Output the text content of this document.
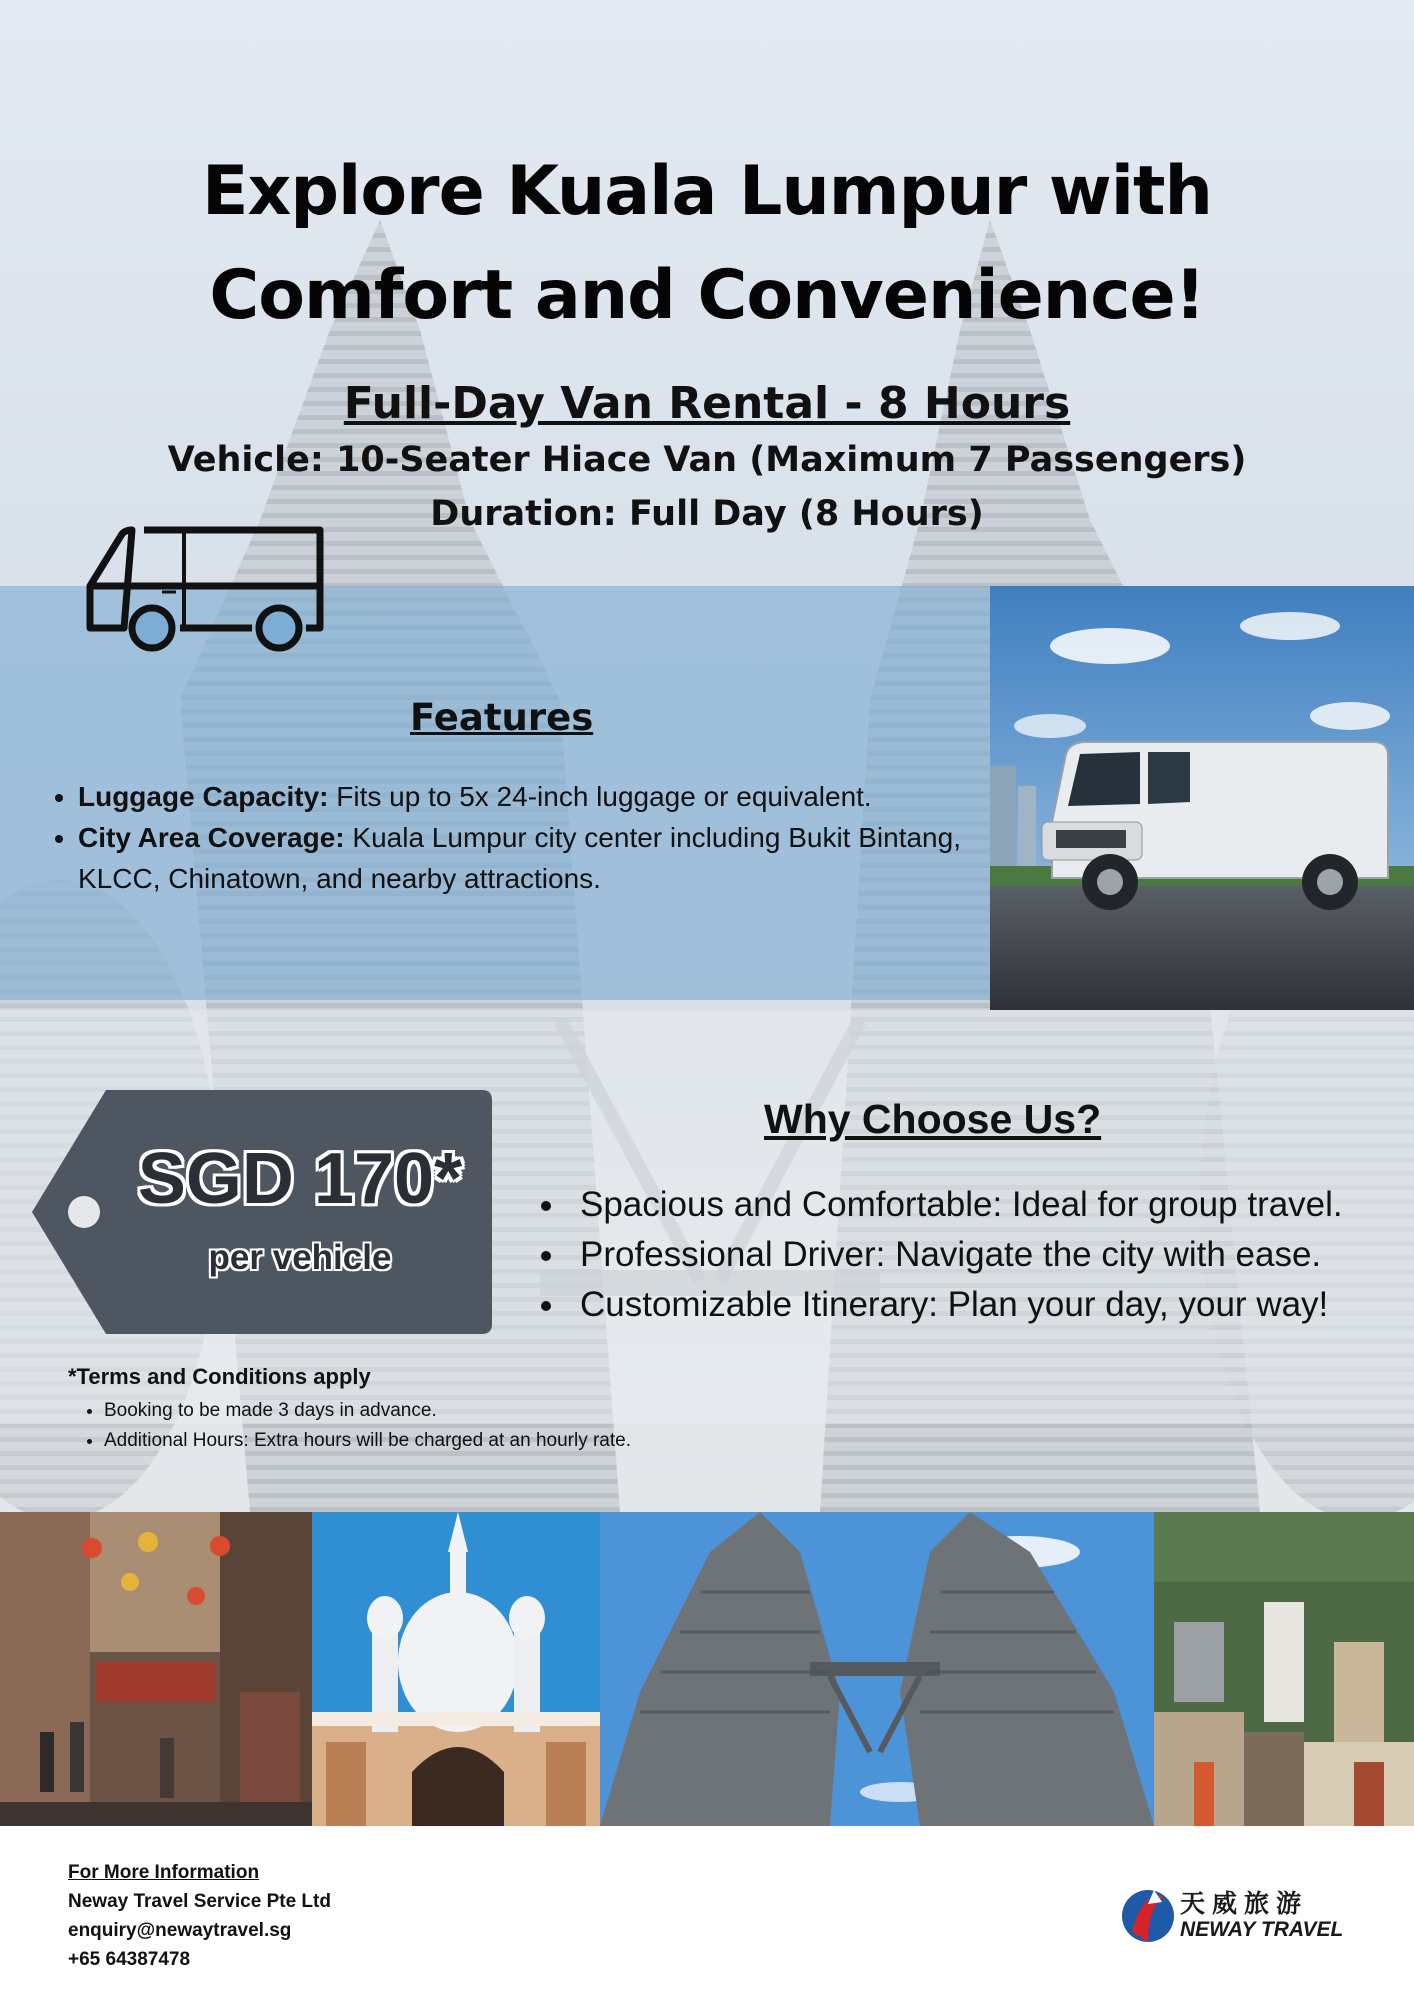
Explore Kuala Lumpur with
Comfort and Convenience!
Full-Day Van Rental - 8 Hours
Vehicle: 10-Seater Hiace Van (Maximum 7 Passengers)
Duration: Full Day (8 Hours)
Features
• Luggage Capacity: Fits up to 5x 24-inch luggage or equivalent.
• City Area Coverage: Kuala Lumpur city center including Bukit Bintang, KLCC, Chinatown, and nearby attractions.
SGD 170*
per vehicle
Why Choose Us?
• Spacious and Comfortable: Ideal for group travel.
• Professional Driver: Navigate the city with ease.
• Customizable Itinerary: Plan your day, your way!
*Terms and Conditions apply
• Booking to be made 3 days in advance.
• Additional Hours: Extra hours will be charged at an hourly rate.
For More Information
Neway Travel Service Pte Ltd
enquiry@newaytravel.sg
+65 64387478
天威旅游
NEWAY TRAVEL
